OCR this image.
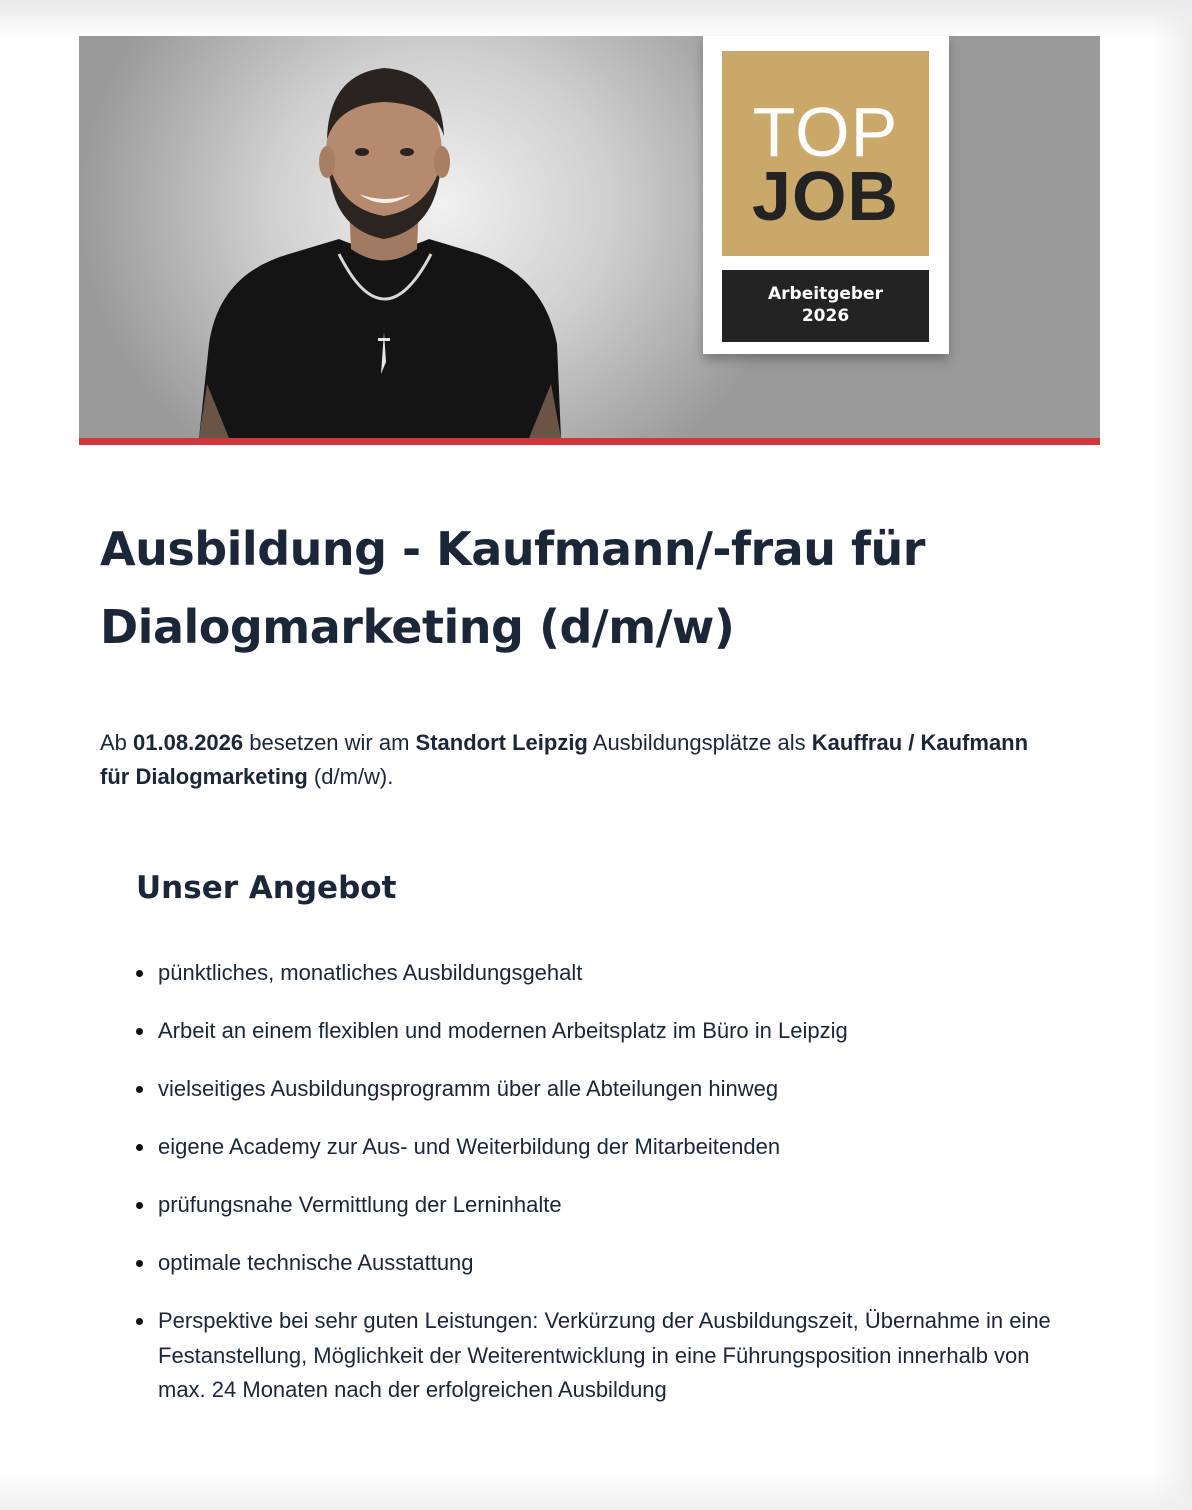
TOP
JOB
Arbeitgeber
2026
Ausbildung - Kaufmann/-frau für Dialogmarketing (d/m/w)

Ab 01.08.2026 besetzen wir am Standort Leipzig Ausbildungsplätze als Kauffrau / Kaufmann für Dialogmarketing (d/m/w).

Unser Angebot
pünktliches, monatliches Ausbildungsgehalt
Arbeit an einem flexiblen und modernen Arbeitsplatz im Büro in Leipzig
vielseitiges Ausbildungsprogramm über alle Abteilungen hinweg
eigene Academy zur Aus- und Weiterbildung der Mitarbeitenden
prüfungsnahe Vermittlung der Lerninhalte
optimale technische Ausstattung
Perspektive bei sehr guten Leistungen: Verkürzung der Ausbildungszeit, Übernahme in eine Festanstellung, Möglichkeit der Weiterentwicklung in eine Führungsposition innerhalb von max. 24 Monaten nach der erfolgreichen Ausbildung
